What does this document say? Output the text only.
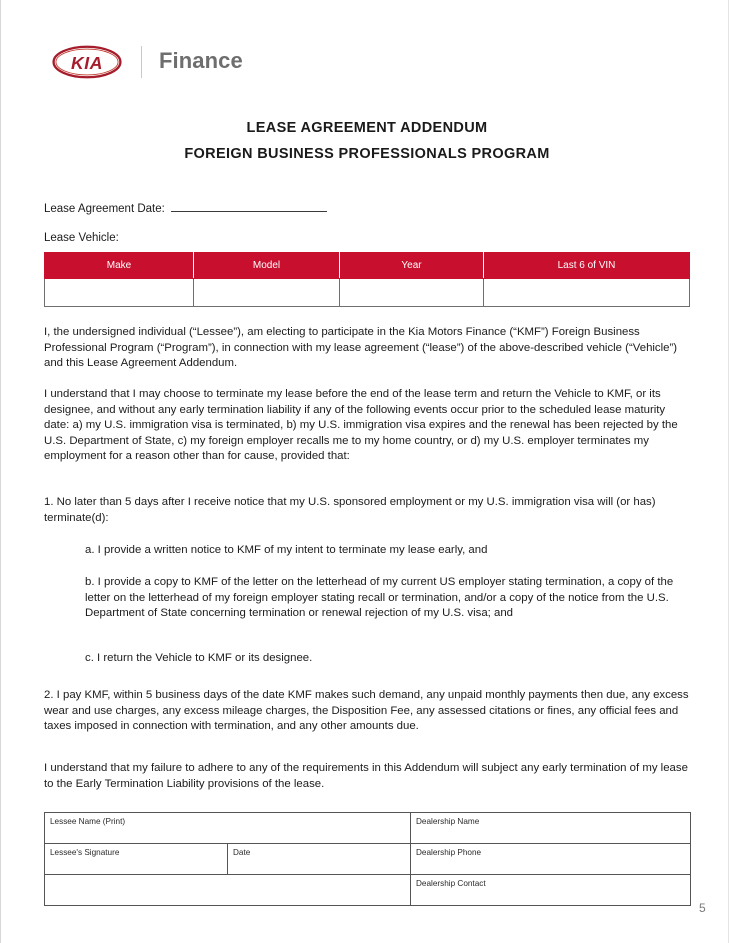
KIA	Finance
LEASE AGREEMENT ADDENDUM
FOREIGN BUSINESS PROFESSIONALS PROGRAM
Lease Agreement Date:
Lease Vehicle:
Make	Model	Year	Last 6 of VIN

I, the undersigned individual (“Lessee”), am electing to participate in the Kia Motors Finance (“KMF”) Foreign Business Professional Program (“Program”), in connection with my lease agreement (“lease”) of the above-described vehicle (“Vehicle”) and this Lease Agreement Addendum.
I understand that I may choose to terminate my lease before the end of the lease term and return the Vehicle to KMF, or its designee, and without any early termination liability if any of the following events occur prior to the scheduled lease maturity date: a) my U.S. immigration visa is terminated, b) my U.S. immigration visa expires and the renewal has been rejected by the U.S. Department of State, c) my foreign employer recalls me to my home country, or d) my U.S. employer terminates my employment for a reason other than for cause, provided that:
1. No later than 5 days after I receive notice that my U.S. sponsored employment or my U.S. immigration visa will (or has) terminate(d):
a. I provide a written notice to KMF of my intent to terminate my lease early, and
b. I provide a copy to KMF of the letter on the letterhead of my current US employer stating termination, a copy of the letter on the letterhead of my foreign employer stating recall or termination, and/or a copy of the notice from the U.S. Department of State concerning termination or renewal rejection of my U.S. visa; and
c. I return the Vehicle to KMF or its designee.
2. I pay KMF, within 5 business days of the date KMF makes such demand, any unpaid monthly payments then due, any excess wear and use charges, any excess mileage charges, the Disposition Fee, any assessed citations or fines, any official fees and taxes imposed in connection with termination, and any other amounts due.
I understand that my failure to adhere to any of the requirements in this Addendum will subject any early termination of my lease to the Early Termination Liability provisions of the lease.
Lessee Name (Print)		Dealership Name
Lessee's Signature	Date	Dealership Phone
		Dealership Contact
5
